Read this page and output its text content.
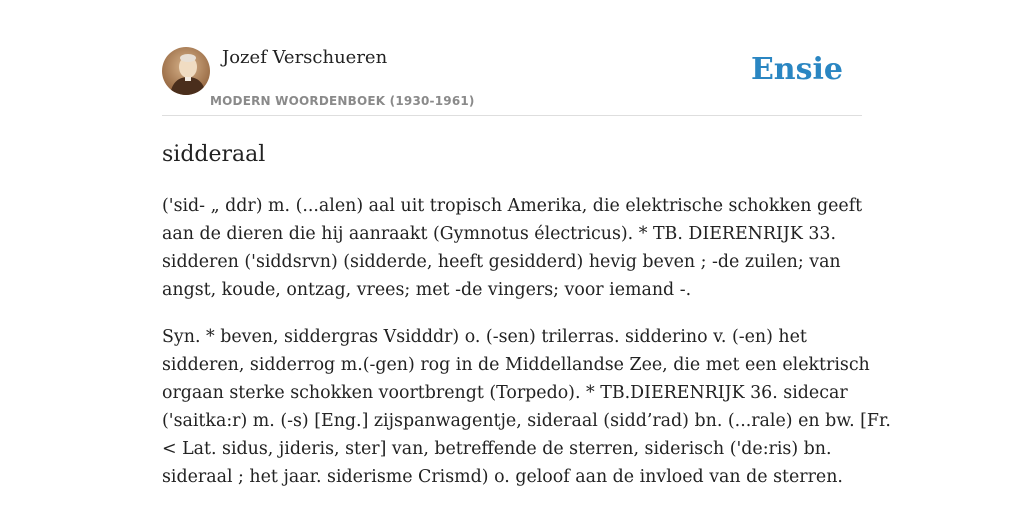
Jozef Verschueren
MODERN WOORDENBOEK (1930-1961)
Ensie
sidderaal

('sid- „ ddr) m. (...alen) aal uit tropisch Amerika, die elektrische schokken geeft
aan de dieren die hij aanraakt (Gymnotus électricus). * TB. DIERENRIJK 33.
sidderen ('siddsrvn) (sidderde, heeft gesidderd) hevig beven ; -de zuilen; van
angst, koude, ontzag, vrees; met -de vingers; voor iemand -.

Syn. * beven, siddergras Vsidddr) o. (-sen) trilerras. sidderino v. (-en) het
sidderen, sidderrog m.(-gen) rog in de Middellandse Zee, die met een elektrisch
orgaan sterke schokken voortbrengt (Torpedo). * TB.DIERENRIJK 36. sidecar
('saitka:r) m. (-s) [Eng.] zijspanwagentje, sideraal (sidd’rad) bn. (...rale) en bw. [Fr.
< Lat. sidus, jideris, ster] van, betreffende de sterren, siderisch ('de:ris) bn.
sideraal ; het jaar. siderisme Crismd) o. geloof aan de invloed van de sterren.
